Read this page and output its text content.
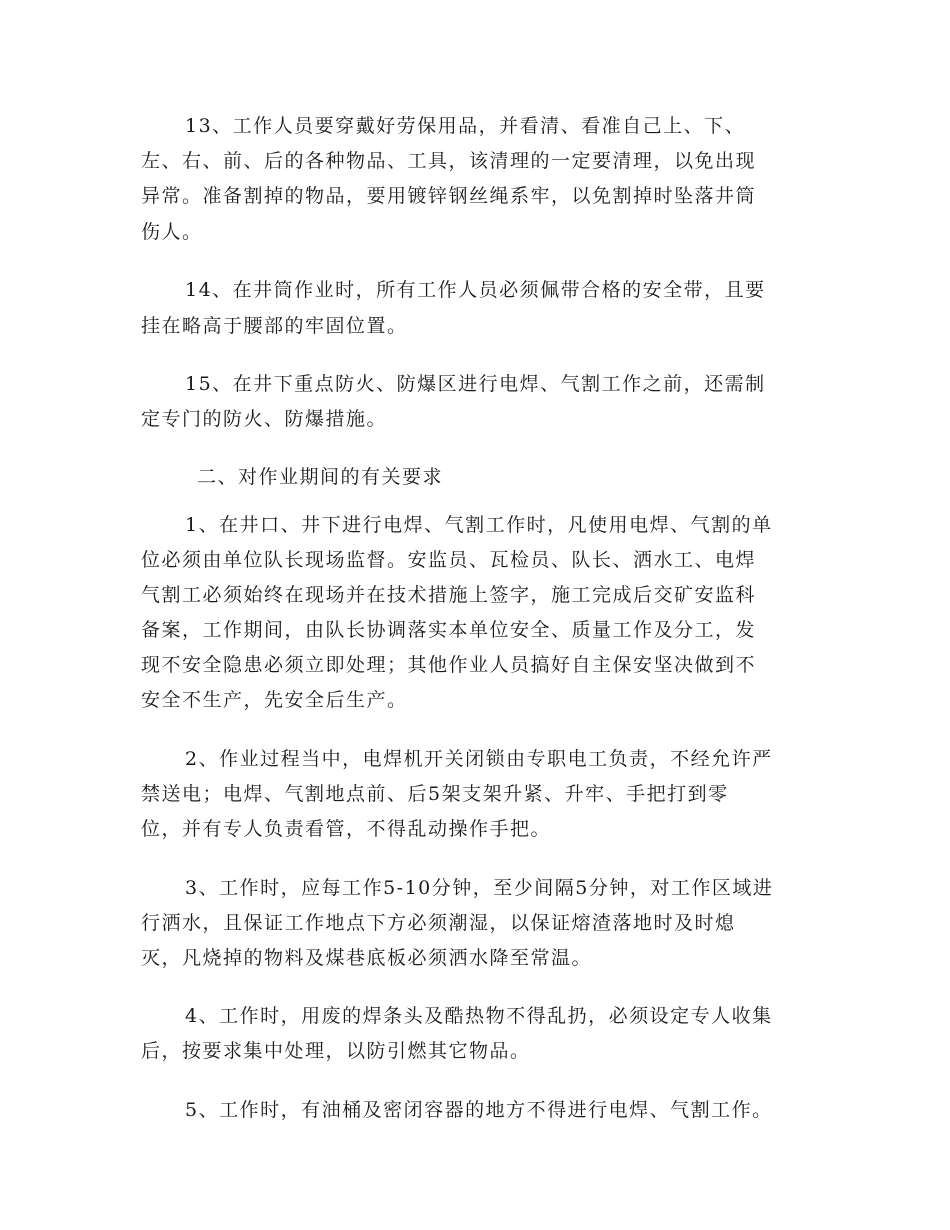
13、工作人员要穿戴好劳保用品，并看清、看准自己上、下、
左、右、前、后的各种物品、工具，该清理的一定要清理，以免出现
异常。准备割掉的物品，要用镀锌钢丝绳系牢，以免割掉时坠落井筒
伤人。
14、在井筒作业时，所有工作人员必须佩带合格的安全带，且要
挂在略高于腰部的牢固位置。
15、在井下重点防火、防爆区进行电焊、气割工作之前，还需制
定专门的防火、防爆措施。
二、对作业期间的有关要求
1、在井口、井下进行电焊、气割工作时，凡使用电焊、气割的单
位必须由单位队长现场监督。安监员、瓦检员、队长、洒水工、电焊
气割工必须始终在现场并在技术措施上签字，施工完成后交矿安监科
备案，工作期间，由队长协调落实本单位安全、质量工作及分工，发
现不安全隐患必须立即处理；其他作业人员搞好自主保安坚决做到不
安全不生产，先安全后生产。
2、作业过程当中，电焊机开关闭锁由专职电工负责，不经允许严
禁送电；电焊、气割地点前、后5架支架升紧、升牢、手把打到零
位，并有专人负责看管，不得乱动操作手把。
3、工作时，应每工作5-10分钟，至少间隔5分钟，对工作区域进
行洒水，且保证工作地点下方必须潮湿，以保证熔渣落地时及时熄
灭，凡烧掉的物料及煤巷底板必须洒水降至常温。
4、工作时，用废的焊条头及酷热物不得乱扔，必须设定专人收集
后，按要求集中处理，以防引燃其它物品。
5、工作时，有油桶及密闭容器的地方不得进行电焊、气割工作。
